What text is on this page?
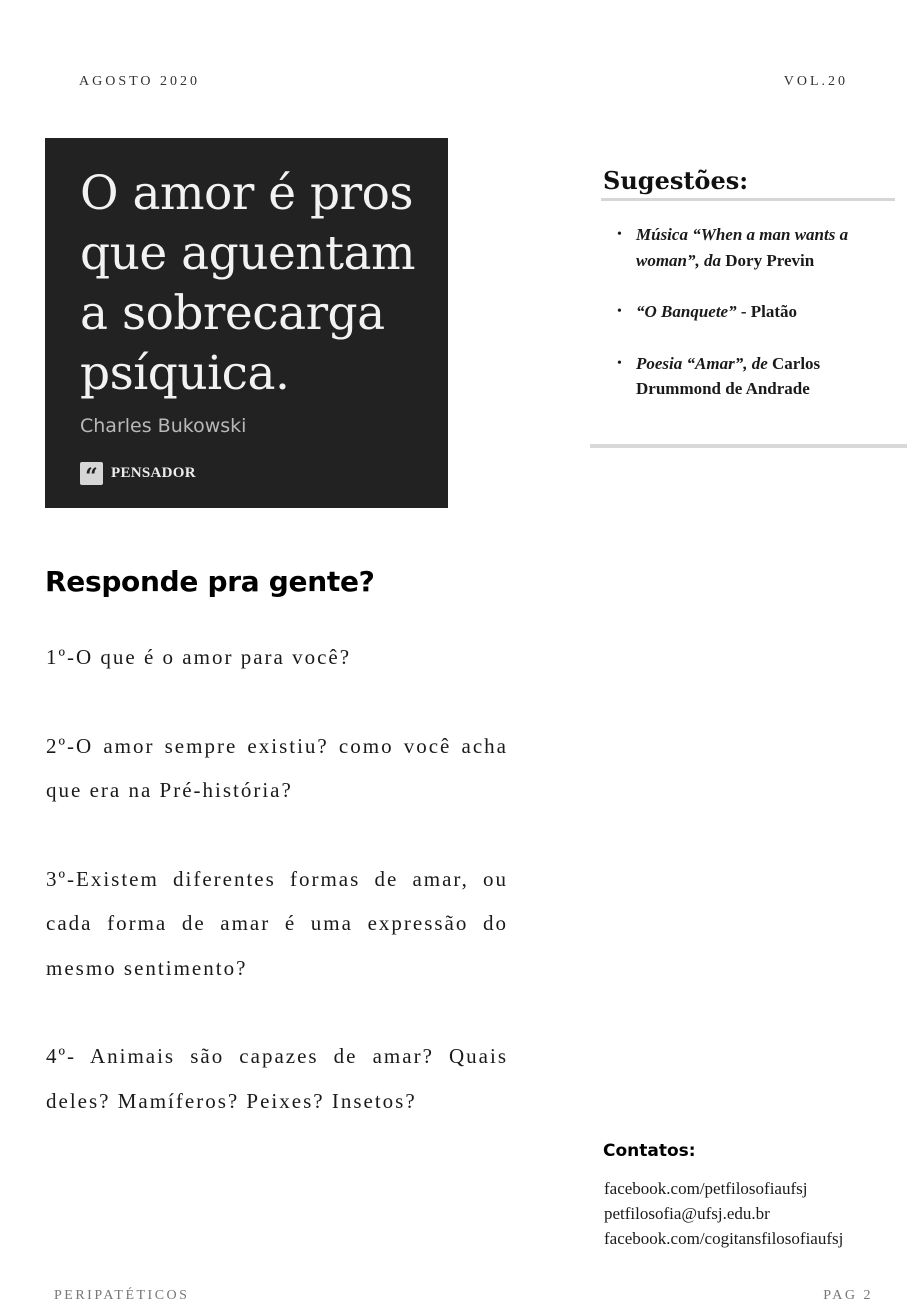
AGOSTO 2020	VOL.20
O amor é pros que aguentam a sobrecarga psíquica.
Charles Bukowski
“ PENSADOR
Responde pra gente?

1º-O que é o amor para você?

2º-O amor sempre existiu? como você acha que era na Pré-história?

3º-Existem diferentes formas de amar, ou cada forma de amar é uma expressão do mesmo sentimento?

4º- Animais são capazes de amar? Quais deles? Mamíferos? Peixes? Insetos?

Sugestões:
• Música “When a man wants a woman”, da Dory Previn
• “O Banquete” - Platão
• Poesia “Amar”, de Carlos Drummond de Andrade
Contatos:
facebook.com/petfilosofiaufsj
petfilosofia@ufsj.edu.br
facebook.com/cogitansfilosofiaufsj
PERIPATÉTICOS	PAG 2
